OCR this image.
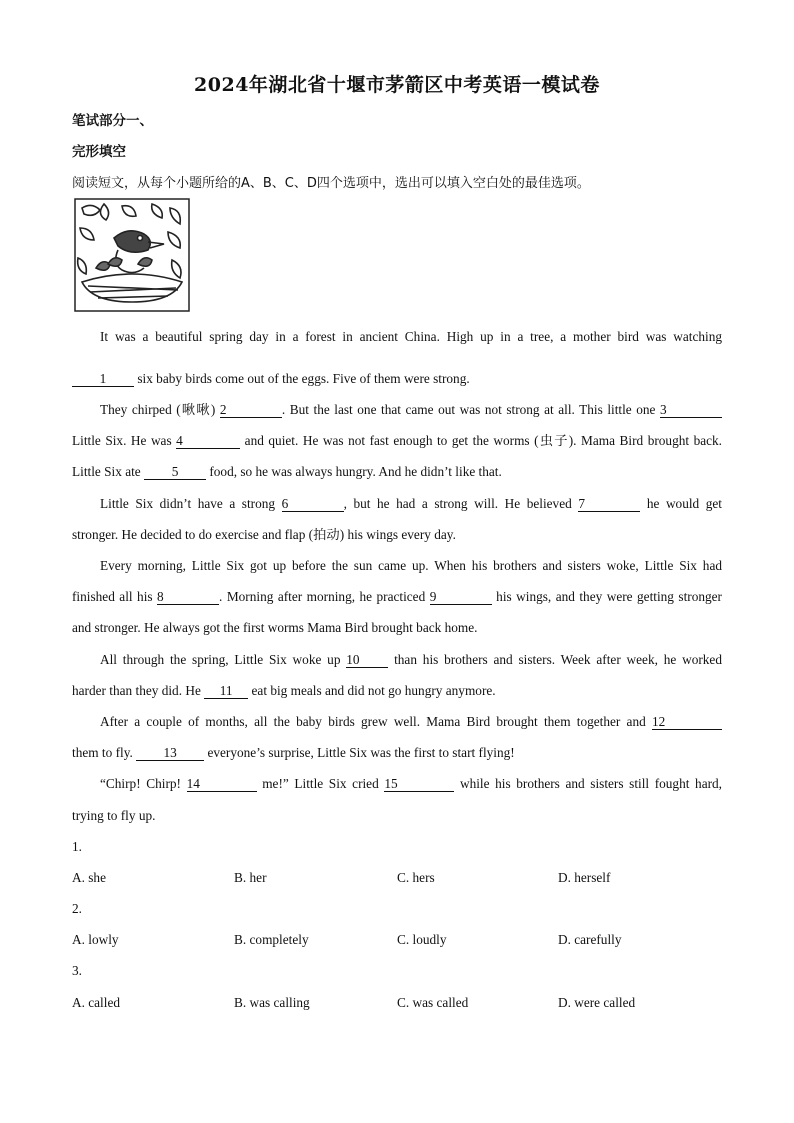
2024年湖北省十堰市茅箭区中考英语一模试卷
笔试部分一、
完形填空
阅读短文，从每个小题所给的A、B、C、D四个选项中，选出可以填入空白处的最佳选项。
It was a beautiful spring day in a forest in ancient China. High up in a tree, a mother bird was watching
1 six baby birds come out of the eggs. Five of them were strong.
They chirped (啾啾) 2	. But the last one that came out was not strong at all. This little one 3
Little Six. He was 4	and quiet. He was not fast enough to get the worms (虫子). Mama Bird brought back.
Little Six ate 5 food, so he was always hungry. And he didn’t like that.
Little Six didn’t have a strong 6	, but he had a strong will. He believed 7	he would get
stronger. He decided to do exercise and flap (拍动) his wings every day.
Every morning, Little Six got up before the sun came up. When his brothers and sisters woke, Little Six had
finished all his 8	. Morning after morning, he practiced 9	his wings, and they were getting stronger
and stronger. He always got the first worms Mama Bird brought back home.
All through the spring, Little Six woke up 10 than his brothers and sisters. Week after week, he worked
harder than they did. He 11 eat big meals and did not go hungry anymore.
After a couple of months, all the baby birds grew well. Mama Bird brought them together and 12
them to fly. 13 everyone’s surprise, Little Six was the first to start flying!
“Chirp! Chirp! 14	me!” Little Six cried 15	while his brothers and sisters still fought hard,
trying to fly up.
1.
A. she	B. her	C. hers	D. herself
2.
A. lowly	B. completely	C. loudly	D. carefully
3.
A. called	B. was calling	C. was called	D. were called
